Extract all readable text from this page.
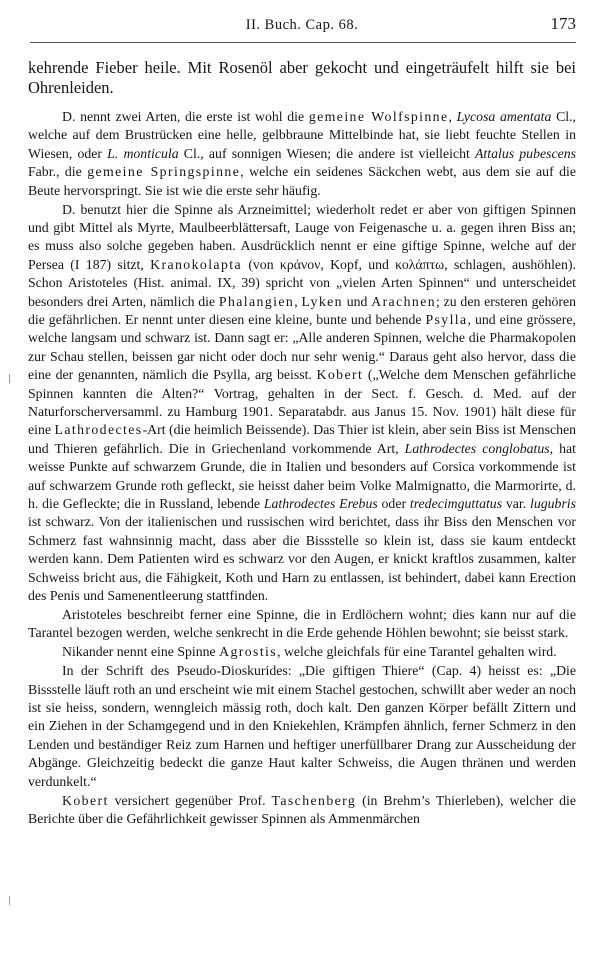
II. Buch. Cap. 68.	173

kehrende Fieber heile. Mit Rosenöl aber gekocht und eingeträufelt hilft sie bei Ohrenleiden.

D. nennt zwei Arten, die erste ist wohl die gemeine Wolfspinne, Lycosa amentata Cl., welche auf dem Brustrücken eine helle, gelbbraune Mittelbinde hat, sie liebt feuchte Stellen in Wiesen, oder L. monticula Cl., auf sonnigen Wiesen; die andere ist vielleicht Attalus pubescens Fabr., die gemeine Springspinne, welche ein seidenes Säckchen webt, aus dem sie auf die Beute hervorspringt. Sie ist wie die erste sehr häufig.

D. benutzt hier die Spinne als Arzneimittel; wiederholt redet er aber von giftigen Spinnen und gibt Mittel als Myrte, Maulbeerblättersaft, Lauge von Feigenasche u. a. gegen ihren Biss an; es muss also solche gegeben haben. Ausdrücklich nennt er eine giftige Spinne, welche auf der Persea (I 187) sitzt, Kranokolapta (von κράνον, Kopf, und κολάπτω, schlagen, aushöhlen). Schon Aristoteles (Hist. animal. IX, 39) spricht von „vielen Arten Spinnen“ und unterscheidet besonders drei Arten, nämlich die Phalangien, Lyken und Arachnen; zu den ersteren gehören die gefährlichen. Er nennt unter diesen eine kleine, bunte und behende Psylla, und eine grössere, welche langsam und schwarz ist. Dann sagt er: „Alle anderen Spinnen, welche die Pharmakopolen zur Schau stellen, beissen gar nicht oder doch nur sehr wenig.“ Daraus geht also hervor, dass die eine der genannten, nämlich die Psylla, arg beisst. Kobert („Welche dem Menschen gefährliche Spinnen kannten die Alten?“ Vortrag, gehalten in der Sect. f. Gesch. d. Med. auf der Naturforscherversamml. zu Hamburg 1901. Separatabdr. aus Janus 15. Nov. 1901) hält diese für eine Lathrodectes-Art (die heimlich Beissende). Das Thier ist klein, aber sein Biss ist Menschen und Thieren gefährlich. Die in Griechenland vorkommende Art, Lathrodectes conglobatus, hat weisse Punkte auf schwarzem Grunde, die in Italien und besonders auf Corsica vorkommende ist auf schwarzem Grunde roth gefleckt, sie heisst daher beim Volke Malmignatto, die Marmorirte, d. h. die Gefleckte; die in Russland, lebende Lathrodectes Erebus oder tredecimguttatus var. lugubris ist schwarz. Von der italienischen und russischen wird berichtet, dass ihr Biss den Menschen vor Schmerz fast wahnsinnig macht, dass aber die Bissstelle so klein ist, dass sie kaum entdeckt werden kann. Dem Patienten wird es schwarz vor den Augen, er knickt kraftlos zusammen, kalter Schweiss bricht aus, die Fähigkeit, Koth und Harn zu entlassen, ist behindert, dabei kann Erection des Penis und Samenentleerung stattfinden.

Aristoteles beschreibt ferner eine Spinne, die in Erdlöchern wohnt; dies kann nur auf die Tarantel bezogen werden, welche senkrecht in die Erde gehende Höhlen bewohnt; sie beisst stark.

Nikander nennt eine Spinne Agrostis, welche gleichfals für eine Tarantel gehalten wird.

In der Schrift des Pseudo-Dioskurides: „Die giftigen Thiere“ (Cap. 4) heisst es: „Die Bissstelle läuft roth an und erscheint wie mit einem Stachel gestochen, schwillt aber weder an noch ist sie heiss, sondern, wenngleich mässig roth, doch kalt. Den ganzen Körper befällt Zittern und ein Ziehen in der Schamgegend und in den Kniekehlen, Krämpfen ähnlich, ferner Schmerz in den Lenden und beständiger Reiz zum Harnen und heftiger unerfüllbarer Drang zur Ausscheidung der Abgänge. Gleichzeitig bedeckt die ganze Haut kalter Schweiss, die Augen thränen und werden verdunkelt.“

Kobert versichert gegenüber Prof. Taschenberg (in Brehm’s Thierleben), welcher die Berichte über die Gefährlichkeit gewisser Spinnen als Ammenmärchen

/
/
